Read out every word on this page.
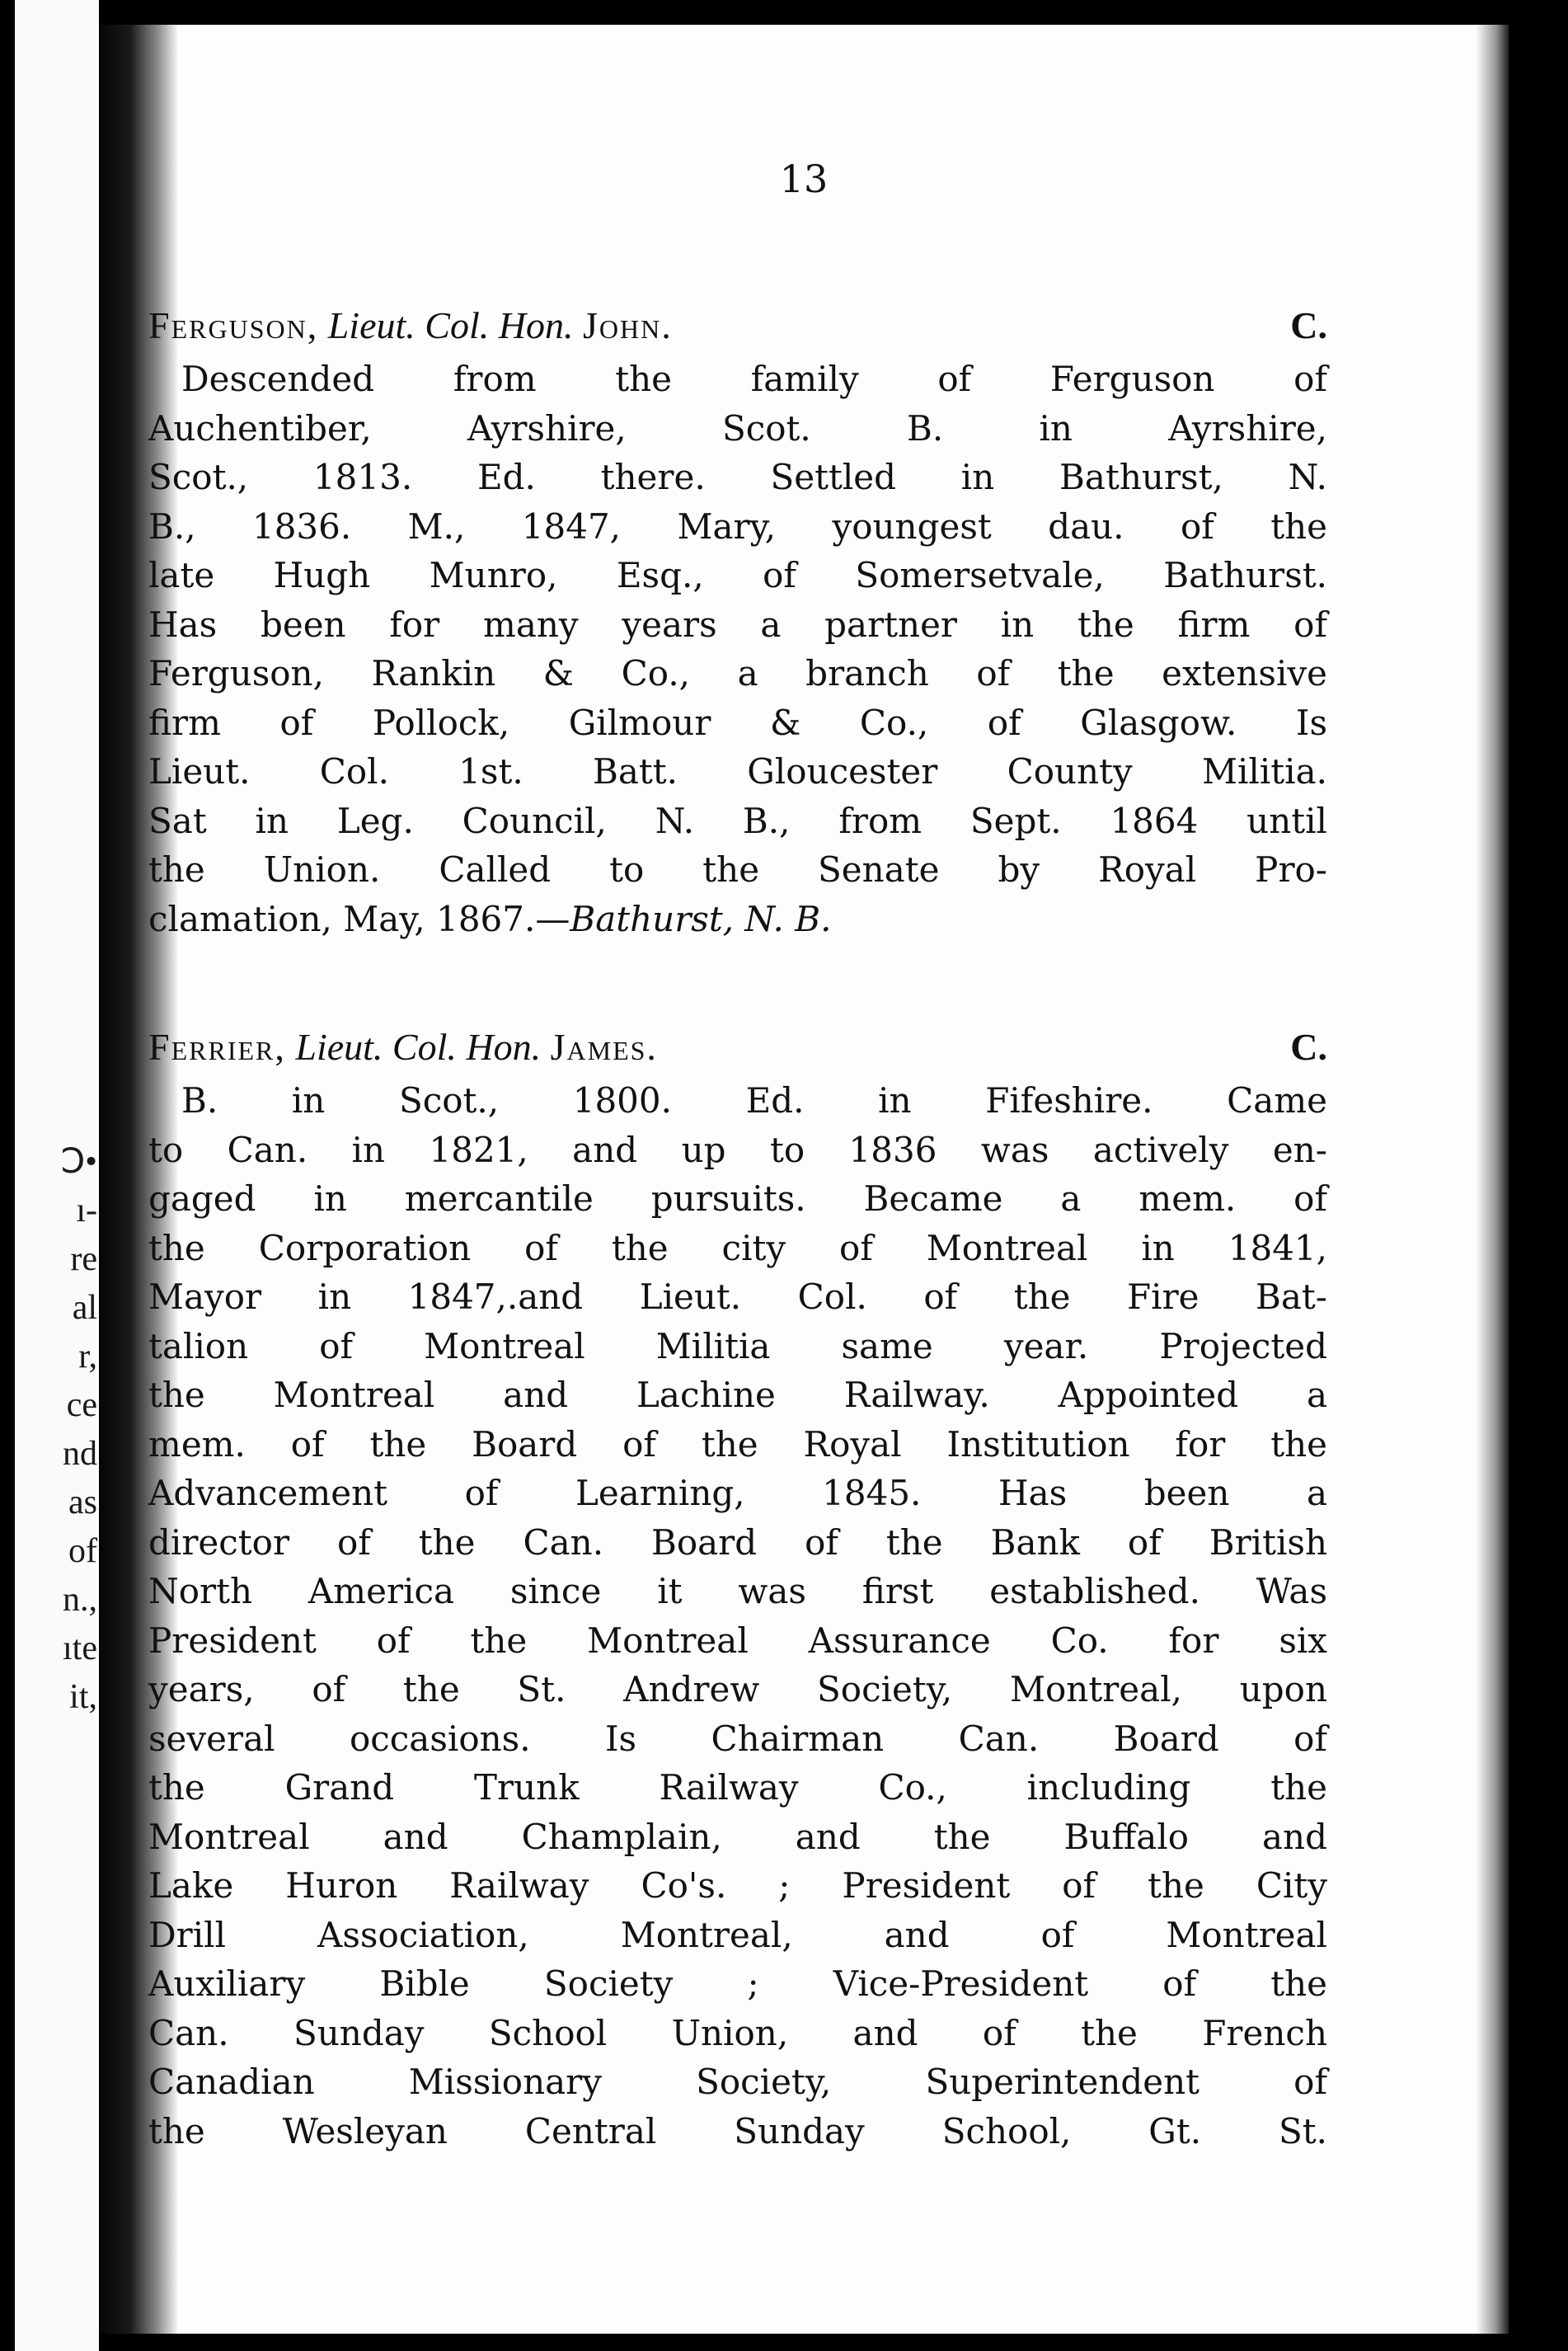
Ↄ•
ı-
re
al
r,
ce
nd
as
of
n.,
ıte
it,
13
Ferguson, Lieut. Col. Hon. John.	C.
Descended from the family of Ferguson of
Auchentiber, Ayrshire, Scot. B. in Ayrshire,
Scot., 1813. Ed. there. Settled in Bathurst, N.
B., 1836. M., 1847, Mary, youngest dau. of the
late Hugh Munro, Esq., of Somersetvale, Bathurst.
Has been for many years a partner in the firm of
Ferguson, Rankin & Co., a branch of the extensive
firm of Pollock, Gilmour & Co., of Glasgow. Is
Lieut. Col. 1st. Batt. Gloucester County Militia.
Sat in Leg. Council, N. B., from Sept. 1864 until
the Union. Called to the Senate by Royal Pro-
clamation, May, 1867.—Bathurst, N. B.
Ferrier, Lieut. Col. Hon. James.	C.
B. in Scot., 1800. Ed. in Fifeshire. Came
to Can. in 1821, and up to 1836 was actively en-
gaged in mercantile pursuits. Became a mem. of
the Corporation of the city of Montreal in 1841,
Mayor in 1847,.and Lieut. Col. of the Fire Bat-
talion of Montreal Militia same year. Projected
the Montreal and Lachine Railway. Appointed a
mem. of the Board of the Royal Institution for the
Advancement of Learning, 1845. Has been a
director of the Can. Board of the Bank of British
North America since it was first established. Was
President of the Montreal Assurance Co. for six
years, of the St. Andrew Society, Montreal, upon
several occasions. Is Chairman Can. Board of
the Grand Trunk Railway Co., including the
Montreal and Champlain, and the Buffalo and
Lake Huron Railway Co's. ; President of the City
Drill Association, Montreal, and of Montreal
Auxiliary Bible Society ; Vice-President of the
Can. Sunday School Union, and of the French
Canadian Missionary Society, Superintendent of
the Wesleyan Central Sunday School, Gt. St.
